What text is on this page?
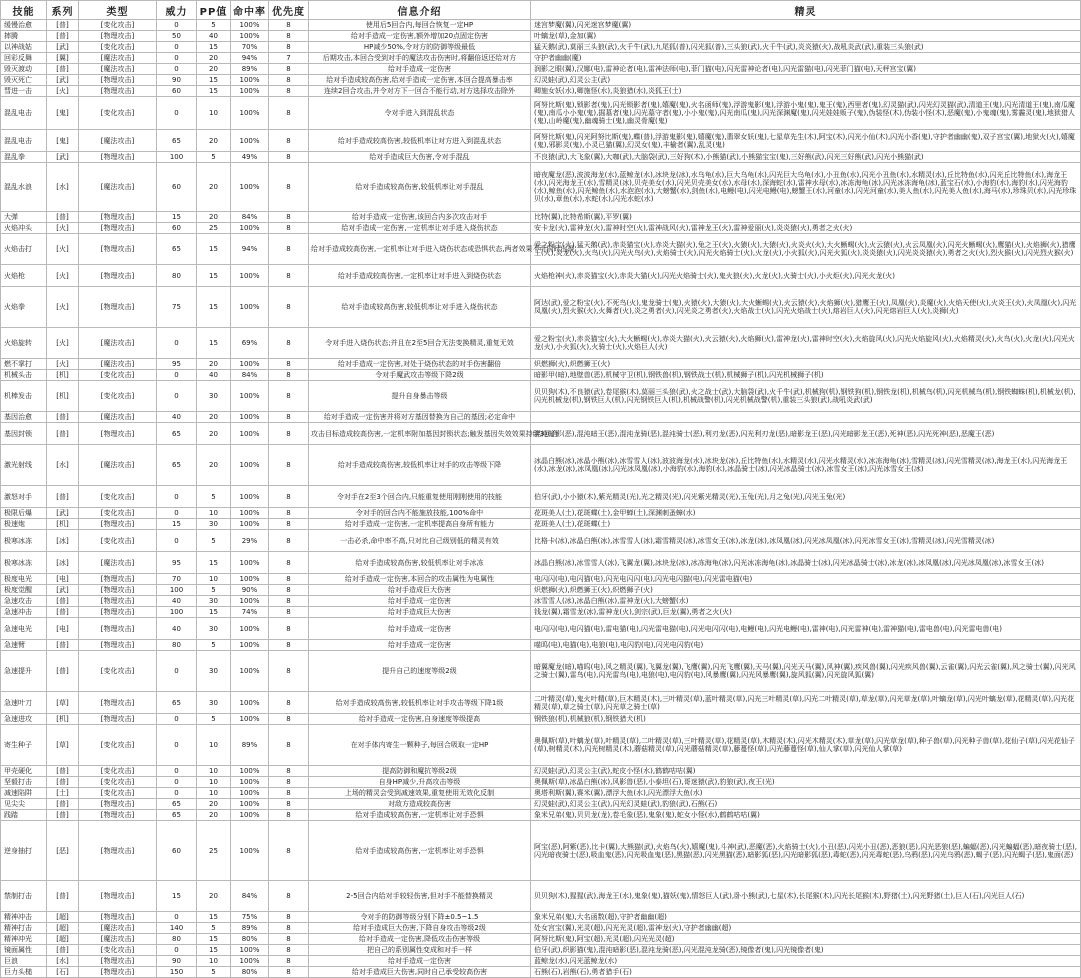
技能	系列	类型	威力	PP值	命中率	优先度	信息介绍	精灵
缓慢治愈	[普]	[变化攻击]	0	5	100%	8	使用后5回合内,每回合恢复一定HP	迷宫梦魔(翼),闪光迷宫梦魔(翼)
摔腾	[普]	[物理攻击]	50	40	100%	8	给对手造成一定伤害,额外增加20点固定伤害	叶螭龙(草),金加(翼)
以神战姑	[武]	[变化攻击]	0	15	70%	8	HP减少50%,令对方的防御等级最低	猛天鹅(武),莫丽三头狼(武),火千牛(武),九尾狐(普),闪光狐(普),三头狼(武),火千牛(武),炎炎猿(火),战吼炎武(武),重装三头狼(武)
回彩反舞	[翼]	[魔法攻击]	0	20	94%	7	后期攻击,本回合受到对手的魔法攻击伤害时,将翻倍返还给对方	守护者幽幽(魔)
毁灭渡动	[普]	[魔法攻击]	0	20	89%	8	给对手造成一定伤害	润影之眼(翼),汉娜(电),雷神论者(电),雷神法师(电),菲门猫(电),闪光雷神论者(电),闪光雷猫(电),闪光菲门猫(电),天秤宫宝(翼)
毁灭死亡	[武]	[物理攻击]	90	15	100%	8	给对手造成较高伤害,给对手造成一定伤害,本回合提高暴击率	幻灵蛙(武),幻灵公主(武)
彗进一击	[火]	[物理攻击]	60	15	100%	8	连续2回合攻击,并令对方下一回合不能行动,对方选择攻击除外	卿施女妖(水),卿施怪(水),炎狼猎(水),炎狐王(土)
混乱电击	[鬼]	[变化攻击]	0	10	100%	8	令对手进入到混乱状态	阿努比斯(鬼),锁影者(鬼),闪光锁影者(鬼),嬉魔(鬼),火名函师(鬼),浮游鬼影(鬼),浮游小鬼(鬼),鬼王(鬼),西里者(鬼),幻灵猫(武),闪光幻灵猫(武),清道王(鬼),闪光清道王(鬼),南瓜魔(鬼),南瓜小小鬼(鬼),掘墓者(鬼),闪光墓守者(鬼),小小鬼(鬼),闪光南瓜(鬼),闪光深渊魔(鬼),闪光娃娃贩子(鬼),伪装怪(木),伪装小怪(木),恶魔(鬼),小鬼魂(鬼),雾霾灵(鬼),地狱猎人(鬼),山岭魔(鬼),幽魂骑士(鬼),幽灵骨魔(鬼)
混乱电击	[鬼]	[魔法攻击]	65	20	100%	8	给对手造成较高伤害,较低机率让对方进入到混乱状态	阿努比斯(鬼),闪光阿努比斯(鬼),蝶(普),浮游鬼影(鬼),嬉魔(鬼),翡翠女妖(鬼),七星草先生(木),阿宝(木),闪光小仙(木),闪光小香(鬼),守护者幽幽(鬼),双子宫宝(翼),地狱火(火),嬉魔(鬼),邪影灵(鬼),小灵已猫(翼),幻灵女(鬼),丰榆者(翼),乱灵(鬼)
混乱拳	[武]	[物理攻击]	100	5	49%	8	给对手造成巨大伤害,令对手混乱	不良猿(武),大飞象(翼),大咖(武),大脑袋(武),三好狗(木),小熊猫(武),小熊猫宝宝(鬼),三好熊(武),闪光三好熊(武),闪光小熊猫(武)
混乱水浪	[水]	[魔法攻击]	60	20	100%	8	给对手造成较高伤害,较低机率让对手混乱	暗夜魔龙(恶),波波海龙(水),蓝鲸龙(水),冰块龙(冰),水乌龟(水),巨大乌龟(水),闪光巨大乌龟(水),小丑鱼(水),闪光小丑鱼(水),水精灵(水),丘比特鱼(水),闪光丘比特鱼(水),海龙王(水),闪光海龙王(水),雪精灵(冰),贝壳美女(水),闪光贝壳美女(水),水母(水),深海蛇(水),雷神水母(水),冰冻海龟(冰),闪光冰冻海龟(冰),蓝宝石(水),小海豹(水),海豹(水),闪光海豹(水),鲸鱼(水),闪光鲸鱼(水),水泡泡(水),大螃蟹(水),剑鱼(水),电鳗(电),闪光电鳗(电),螃蟹王(水),河童(水),闪光河童(水),美人鱼(水),闪光美人鱼(水),海马(水),珍珠贝(水),闪光珍珠贝(水),章鱼(水),水蛇(水),闪光水蛇(水)
大弹	[普]	[物理攻击]	15	20	84%	8	给对手造成一定伤害,该回合内多次攻击对手	比特(翼),比特希斯(翼),平罗(翼)
火焰冲头	[火]	[物理攻击]	60	25	100%	8	给对手造成一定伤害,一定机率让对手进入烧伤状态	安卡龙(火),雷神龙(火),雷神时空(火),雷神战风(火),雷神龙王(火),雷神爱丽(火),炎炎猿(火),勇者之火(火)
火焰击打	[火]	[物理攻击]	65	15	94%	8	给对手造成较高伤害,一定机率让对手进入烧伤状态或恐惧状态,两者效果不可同时出现	爱之粉宝(火),猛天鹅(武),赤炎猫宝(火),赤炎大猫(火),兔之王(火),火猿(火),大猿(火),火炎火(火),大火蜥蜴(火),火云猿(火),火云凤凰(火),闪光火蜥蜴(火),鹰猫(火),火焰狮(火),猎鹰王(火),炎龙(火),火鸟(火),闪光火鸟(火),火焰骑士(火),闪光火焰骑士(火),火龙(火),小火狐(火),闪光火狐(火),炎炎猿(火),闪光炎炎猿(火),勇者之火(火),烈火猴(火),闪光烈火猴(火)
火焰枪	[火]	[物理攻击]	80	15	100%	8	给对手造成较高伤害,一定机率让对手进入到烧伤状态	火焰枪神(火),赤炎猫宝(火),赤炎大猫(火),闪光火焰骑士(火),鬼火狼(火),火龙(火),火骑士(火),小火炬(火),闪光火龙(火)
火焰拳	[火]	[物理攻击]	75	15	100%	8	给对手造成较高伤害,较低机率让对手进入烧伤状态	阿达(武),爱之粉宝(火),不死鸟(火),鬼龙骑士(鬼),火猿(火),大猿(火),大火蜥蜴(火),火云猿(火),火焰狮(火),猎鹰王(火),凤凰(火),炎魔(火),火焰天使(火),火炎王(火),火凤凰(火),闪光凤凰(火),烈火猴(火),火舞者(火),炎之勇者(火),闪光炎之勇者(火),火焰战士(火),闪光火焰战士(火),熔岩巨人(火),闪光熔岩巨人(火),炎狮(火)
火焰旋转	[火]	[魔法攻击]	0	15	69%	8	令对手进入烧伤状态;并且在2至5回合无法变换精灵,重复无效	爱之粉宝(火),赤炎猫宝(火),大火蜥蜴(火),赤炎大猫(火),火云猿(火),火焰狮(火),雷神龙(火),雷神时空(火),火焰旋风(火),闪光火焰旋风(火),火焰精灵(火),火鸟(火),火龙(火),闪光火龙(火),小火狐(火),火骑士(火),火焰巨人(火)
燃不掌打	[火]	[魔法攻击]	95	20	100%	8	给对手造成一定伤害,对处于烧伤状态的对手伤害翻倍	炽燃狮(火),炽燃狮王(火)
机械头击	[机]	[变化攻击]	0	40	84%	8	令对手魔武攻击等级下降2级	暗影甲(暗),地壁兽(恶),机械守卫(机),钢铁兽(机),钢铁战士(机),机械狮子(机),闪光机械狮子(机)
机棒发击	[机]	[变化攻击]	0	30	100%	8	提升自身暴击等级	贝贝狗(木),不良猿(武),卷尾猴(木),莫丽三头狼(武),火之战士(武),大脑袋(武),火千牛(武),机械狗(机),钢铁狗(机),钢铁龙(机),机械鸟(机),闪光机械鸟(机),钢铁蜘蛛(机),机械龙(机),闪光机械龙(机),钢铁巨人(机),闪光钢铁巨人(机),机械战警(机),闪光机械战警(机),重装三头狼(武),战吼炎武(武)
基因治愈	[普]	[魔法攻击]	40	20	100%	8	给对手造成一定伤害并将对方基因替换为自己的基因;必定命中	
基因封锁	[普]	[物理攻击]	65	20	100%	8	攻击目标造成较高伤害,一定机率附加基因封锁状态;触发基因失效效果持续3回合	混沌暗影(恶),混沌暗王(恶),混沌龙骑(恶),混沌骑士(恶),利刃龙(恶),闪光利刃龙(恶),暗影龙王(恶),闪光暗影龙王(恶),死神(恶),闪光死神(恶),恶魔王(恶)
激光射线	[水]	[魔法攻击]	65	20	100%	8	给对手造成较高伤害,较低机率让对手的攻击等级下降	冰晶白熊(冰),冰晶小熊(冰),冰雪雪人(冰),波波海龙(水),冰块龙(冰),丘比特鱼(水),水精灵(水),闪光水精灵(水),冰冻海龟(冰),雪精灵(冰),闪光雪精灵(冰),海龙王(水),闪光海龙王(水),冰龙(冰),冰凤凰(冰),闪光冰凤凰(冰),小海豹(水),海豹(水),冰晶骑士(冰),闪光冰晶骑士(冰),冰雪女王(冰),闪光冰雪女王(冰)
激怒对手	[普]	[变化攻击]	0	5	100%	8	令对手在2至3个回合内,只能重复使用刚刚使用的技能	伯牙(武),小小猿(木),紫光精灵(光),光之精灵(光),闪光紫光精灵(光),玉兔(光),月之兔(光),闪光玉兔(光)
极限后爆	[武]	[变化攻击]	0	10	100%	8	令对手的回合内不能施放技能,100%命中	花斑美人(土),花斑蝶(土),金甲蝉(土),深渊刺蚤蟑(水)
极速炮	[机]	[物理攻击]	15	30	100%	8	给对手造成一定伤害,一定机率提高自身所有能力	花斑美人(土),花斑蝶(土)
极寒冰冻	[冰]	[变化攻击]	0	5	29%	8	一击必杀,命中率不高,只对比自己级别低的精灵有效	比格卡(冰),冰晶白熊(冰),冰雪雪人(冰),霜雪精灵(冰),冰雪女王(冰),冰龙(冰),冰凤凰(冰),闪光冰凤凰(冰),闪光冰雪女王(冰),雪精灵(冰),闪光雪精灵(冰)
极寒冰冻	[冰]	[魔法攻击]	95	15	100%	8	给对手造成较高伤害,较低机率让对手冰冻	冰晶白熊(冰),冰雪雪人(冰),飞翼龙(翼),冰块龙(冰),冰冻海龟(冰),闪光冰冻海龟(冰),冰晶骑士(冰),闪光冰晶骑士(冰),冰龙(冰),冰凤凰(冰),闪光冰凤凰(冰),冰雪女王(冰)
极度电光	[电]	[物理攻击]	70	10	100%	8	给对手造成一定伤害,本回合的攻击属性为电属性	电闪闪(电),电闪猫(电),闪光电闪闪(电),闪光电闪猫(电),闪光雷电猫(电)
极度觉醒	[武]	[物理攻击]	100	5	90%	8	给对手造成巨大伤害	炽燃狮(火),炽燃狮王(火),炽燃狮子(火)
急速攻击	[普]	[物理攻击]	40	30	100%	8	给对手造成一定伤害	冰雪雪人(冰),冰晶白熊(冰),雷神龙(火),大螃蟹(水)
急速冲击	[普]	[物理攻击]	100	15	74%	8	给对手造成巨大伤害	钱龙(翼),霜雪龙(冰),雷神龙(火),剑宗(武),巨龙(翼),勇者之火(火)
急速电光	[电]	[物理攻击]	40	30	100%	8	给对手造成一定伤害	电闪闪(电),电闪猫(电),雷电猫(电),闪光雷电猫(电),闪光电闪闪(电),电鳗(电),闪光电鳗(电),雷神(电),闪光雷神(电),雷神猫(电),雷电兽(电),闪光雷电兽(电)
急速臂	[普]	[物理攻击]	80	5	100%	8	给对手造成一定伤害	喵呜(电),电猫(电),电狼(电),电闪豹(电),闪光电闪豹(电)
急速提升	[普]	[变化攻击]	0	30	100%	8	提升自己的速度等级2级	暗翼魔龙(暗),喵呜(电),风之精灵(翼),飞翼龙(翼),飞鹰(翼),闪光飞鹰(翼),天马(翼),闪光天马(翼),风神(翼),疾风兽(翼),闪光疾风兽(翼),云雀(翼),闪光云雀(翼),风之骑士(翼),闪光风之骑士(翼),雷鸟(电),闪光雷鸟(电),电狼(电),电闪豹(电),风暴鹰(翼),闪光风暴鹰(翼),旋风狐(翼),闪光旋风狐(翼)
急速叶刀	[草]	[物理攻击]	65	30	100%	8	给对手造成较高伤害,较低机率让对手攻击等级下降1级	二叶精灵(草),鬼火叶精(草),巨木精灵(木),三叶精灵(草),蓝叶精灵(草),闪光三叶精灵(草),闪光二叶精灵(草),草龙(草),闪光草龙(草),叶螭龙(草),闪光叶螭龙(草),花精灵(草),闪光花精灵(草),草之骑士(草),闪光草之骑士(草)
急速进攻	[机]	[物理攻击]	0	5	100%	8	给对手造成一定伤害,自身速度等级提高	钢铁狼(机),机械狼(机),钢铁猎犬(机)
寄生种子	[草]	[变化攻击]	0	10	89%	8	在对手体内寄生一颗种子,每回合吸取一定HP	奥佩斯(草),叶螭龙(草),叶精灵(草),二叶精灵(草),三叶精灵(草),花精灵(草),木精灵(木),闪光木精灵(木),草龙(草),闪光草龙(草),种子兽(草),闪光种子兽(草),花仙子(草),闪光花仙子(草),树精灵(木),闪光树精灵(木),蘑菇精灵(草),闪光蘑菇精灵(草),藤蔓怪(草),闪光藤蔓怪(草),仙人掌(草),闪光仙人掌(草)
甲壳硬化	[普]	[变化攻击]	0	10	100%	8	提高防御和魔抗等级2级	幻灵蛙(武),幻灵公主(武),蛇皮小怪(水),鹤鹤咕咕(翼)
坚毅打击	[普]	[变化攻击]	0	10	100%	8	自身HP减少,升高攻击等级	奥佩斯(草),冰晶白熊(冰),风影兽(恶),小泰坦(石),哥迷猿(武),豹狼(武),夜王(光)
减速陷阱	[土]	[变化攻击]	0	10	100%	8	上场的精灵会受到减速效果,重复使用无效化反制	奥塔利斯(翼),赛米(翼),漂浮大鱼(水),闪光漂浮大鱼(水)
见尖尖	[普]	[物理攻击]	65	20	100%	8	对敌方造成较高伤害	幻灵蛙(武),幻灵公主(武),闪光幻灵蛙(武),豹狼(武),石熊(石)
践踏	[普]	[物理攻击]	65	20	100%	8	给对手造成较高伤害,一定机率让对手恐惧	象米兄弟(鬼),贝贝龙(龙),卷毛象(恶),鬼象(鬼),蛇女小怪(水),鹤鹤咕咕(翼)
逆身抽打	[恶]	[物理攻击]	60	25	100%	8	给对手造成较高伤害,一定机率让对手恐惧	阿宝(恶),阿紫(恶),比卡(翼),大熊猫(武),火焰鸟(火),嬉魔(鬼),斗神(武),恶魔(恶),火焰骑士(火),小丑(恶),闪光小丑(恶),恶狼(恶),闪光恶狼(恶),蝙蝠(恶),闪光蝙蝠(恶),暗夜骑士(恶),闪光暗夜骑士(恶),吸血鬼(恶),闪光吸血鬼(恶),黑猫(恶),闪光黑猫(恶),暗影狐(恶),闪光暗影狐(恶),毒蛇(恶),闪光毒蛇(恶),乌鸦(恶),闪光乌鸦(恶),蝎子(恶),闪光蝎子(恶),鬼面(恶)
禁制打击	[普]	[物理攻击]	15	20	84%	8	2-5回合内给对手较轻伤害,但对手不能替换精灵	贝贝狗(木),猩猩(武),海龙王(水),鬼象(鬼),猫妖(鬼),情怒巨人(武),卧小熊(武),七星(木),长尾猴(木),闪光长尾猴(木),野猪(土),闪光野猪(土),巨人(石),闪光巨人(石)
精神冲击	[超]	[物理攻击]	0	15	75%	8	令对手的防御等级分别下降±0.5~1.5	象米兄弟(鬼),大名函数(超),守护者幽幽(超)
精神打击	[超]	[魔法攻击]	140	5	89%	8	给对手造成巨大伤害,下降自身攻击等级2级	处女宫宝(翼),光灵(超),闪光光灵(超),雷神龙(火),守护者幽幽(超)
精神冲光	[超]	[魔法攻击]	80	15	80%	8	给对手造成一定伤害,降低攻击伤害等级	阿努比斯(鬼),阿宝(超),光灵(超),闪光光灵(超)
镜面属性	[普]	[变化攻击]	0	15	100%	8	把自己的系别属性变成和对手一样	伯牙(武),织影猫(鬼),混沌暗影(恶),混沌龙骑(恶),闪光混沌龙骑(恶),镜像者(鬼),闪光镜像者(鬼)
巨浪	[水]	[物理攻击]	90	10	100%	8	给对手造成一定伤害	蓝鲸龙(水),闪光蓝鲸龙(水)
巨力头槌	[石]	[物理攻击]	150	5	80%	8	给对手造成巨大伤害,同时自己承受较高伤害	石熊(石),岩熊(石),勇者猎手(石)
